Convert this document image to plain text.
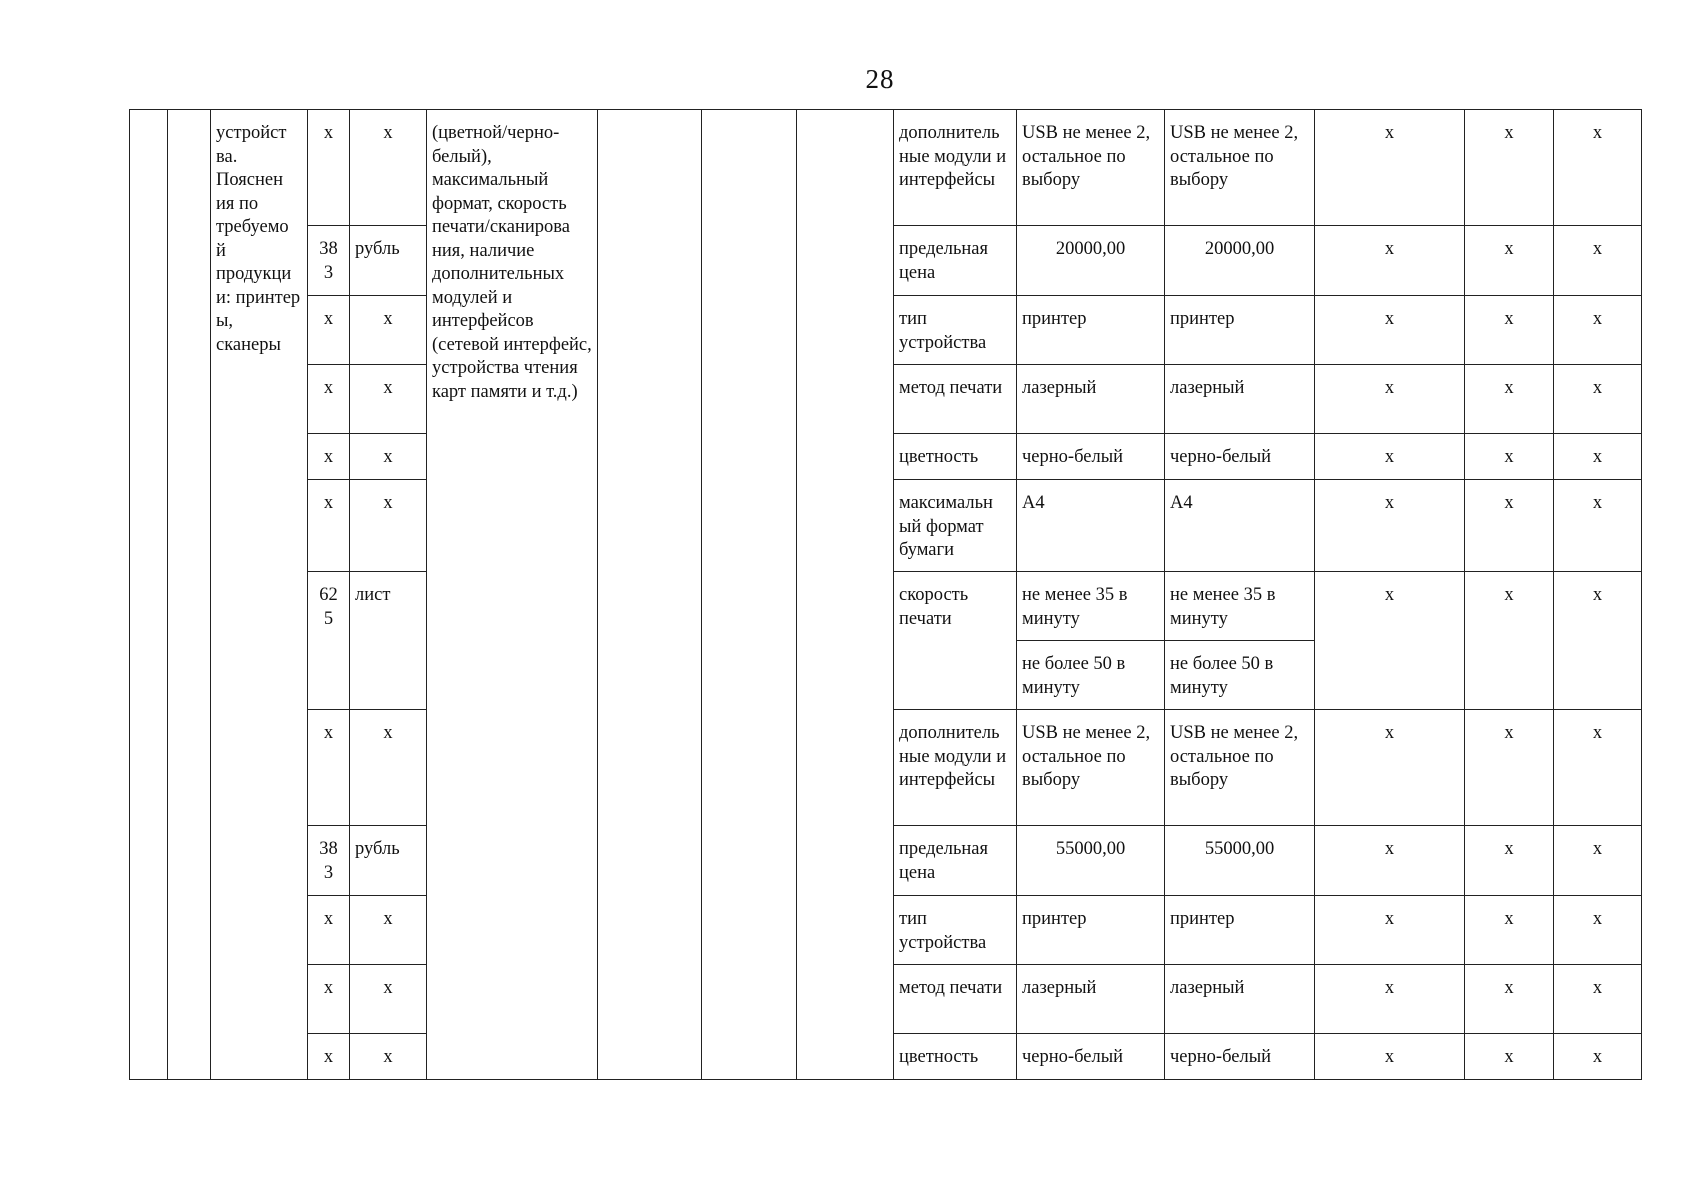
28
		устройст ва. Пояснен ия по требуемо й продукци и: принтер ы, сканеры	x	x	(цветной/черно-белый), максимальный формат, скорость печати/сканирова ния, наличие дополнительных модулей и интерфейсов (сетевой интерфейс, устройства чтения карт памяти и т.д.)				дополнитель ные модули и интерфейсы	USB не менее 2, остальное по выбору	USB не менее 2, остальное по выбору	x	x	x
			38 3	рубль					предельная цена	20000,00	20000,00	x	x	x
			x	x					тип устройства	принтер	принтер	x	x	x
			x	x					метод печати	лазерный	лазерный	x	x	x
			x	x					цветность	черно-белый	черно-белый	x	x	x
			x	x					максимальн ый формат бумаги	А4	А4	x	x	x
			62 5	лист					скорость печати	не менее 35 в минуту	не менее 35 в минуту	x	x	x
										не более 50 в минуту	не более 50 в минуту			
			x	x					дополнитель ные модули и интерфейсы	USB не менее 2, остальное по выбору	USB не менее 2, остальное по выбору	x	x	x
			38 3	рубль					предельная цена	55000,00	55000,00	x	x	x
			x	x					тип устройства	принтер	принтер	x	x	x
			x	x					метод печати	лазерный	лазерный	x	x	x
			x	x					цветность	черно-белый	черно-белый	x	x	x
